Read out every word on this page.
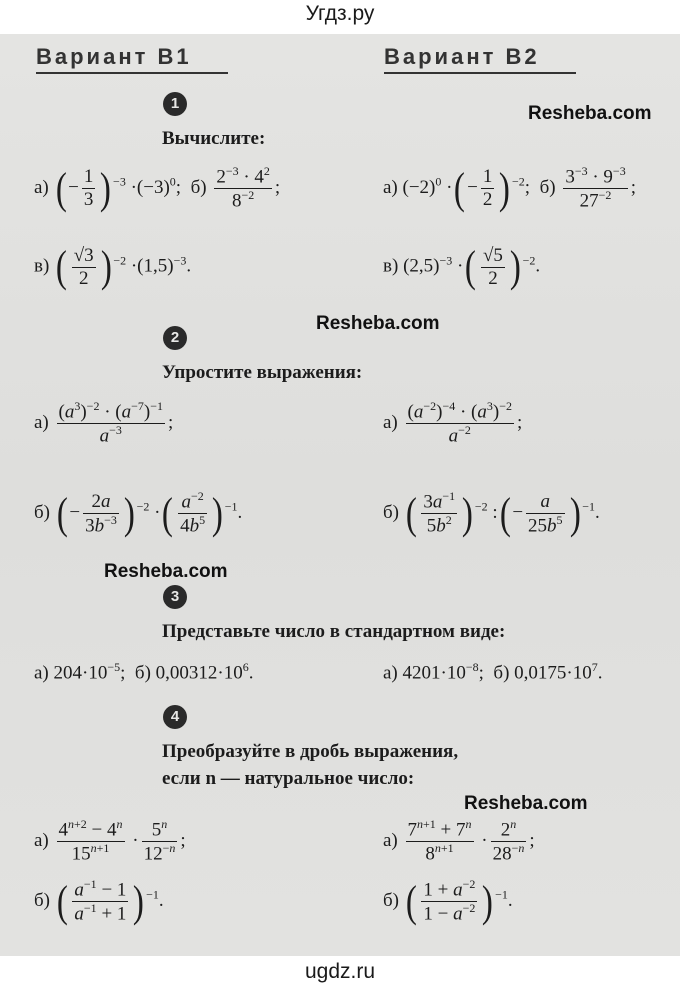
Угдз.ру
Вариант В1	Вариант В2
Resheba.com
1
Вычислите:
а) (− $\frac{1}{3}$ ) $^{-3} \cdot(-3)^0$;  $б) \frac{2^{-3} \cdot 4^2}{8^{-2}}$ ;
в) ( $\frac{√3}{2}$ ) $^{-2} \cdot(1,5)^{-3}$.
а) $(-2)^0$ ·(− $\frac{1}{2}$ ) $^{-2}$;  $б) \frac{3^{-3} \cdot 9^{-3}}{27^{-2}}$ ;
в) $(2,5)^{-3}$ ·( $\frac{√5}{2}$ ) $^{-2}$.
Resheba.com
2
Упростите выражения:
$а) \frac{(a^3)^{-2} \cdot (a^{-7})^{-1}}{a^{-3}}$ ;
б) (− $\frac{2a}{3b^{-3}}$ ) $^{-2}$ ·( $\frac{a^{-2}}{4b^5}$ ) $^{-1}$.
$а) \frac{(a^{-2})^{-4} \cdot (a^3)^{-2}}{a^{-2}}$ ;
б) ( $\frac{3a^{-1}}{5b^2}$ ) $^{-2}$ :(− $\frac{a}{25b^5}$ ) $^{-1}$.
Resheba.com
3
Представьте число в стандартном виде:
а) $204\cdot 10^{-5}$;  б) $0,00312\cdot 10^6$.	а) $4201\cdot 10^{-8}$;  б) $0,0175\cdot 10^7$.
4
Преобразуйте в дробь выражения,
если n — натуральное число:
Resheba.com
$а) \frac{4^{n+2} - 4^n}{15^{n+1}} \cdot \frac{5^n}{12^{-n}}$ ;
б) ( $\frac{a^{-1} - 1}{a^{-1} + 1}$ ) $^{-1}$.
$а) \frac{7^{n+1} + 7^n}{8^{n+1}} \cdot \frac{2^n}{28^{-n}}$ ;
б) ( $\frac{1 + a^{-2}}{1 - a^{-2}}$ ) $^{-1}$.
ugdz.ru
